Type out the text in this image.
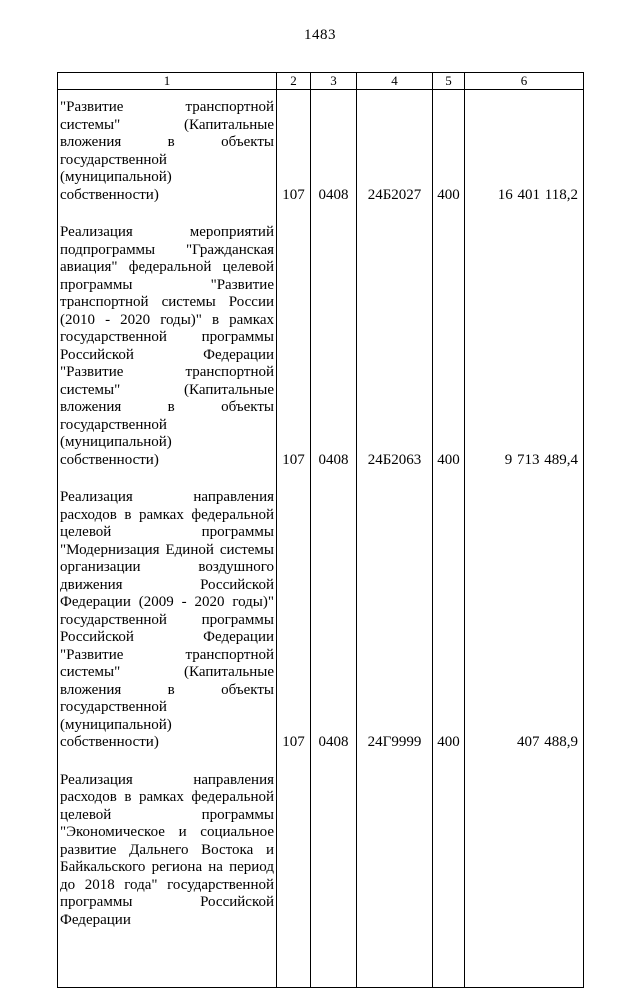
1483
1	2	3	4	5	6
"Развитие транспортной системы" (Капитальные вложения в объекты государственной (муниципальной) собственности)	107	0408	24Б2027	400	16 401 118,2
Реализация мероприятий подпрограммы "Гражданская авиация" федеральной целевой программы "Развитие транспортной системы России (2010 - 2020 годы)" в рамках государственной программы Российской Федерации "Развитие транспортной системы" (Капитальные вложения в объекты государственной (муниципальной) собственности)	107	0408	24Б2063	400	9 713 489,4
Реализация направления расходов в рамках федеральной целевой программы "Модернизация Единой системы организации воздушного движения Российской Федерации (2009 - 2020 годы)" государственной программы Российской Федерации "Развитие транспортной системы" (Капитальные вложения в объекты государственной (муниципальной) собственности)	107	0408	24Г9999	400	407 488,9
Реализация направления расходов в рамках федеральной целевой программы "Экономическое и социальное развитие Дальнего Востока и Байкальского региона на период до 2018 года" государственной программы Российской Федерации					
